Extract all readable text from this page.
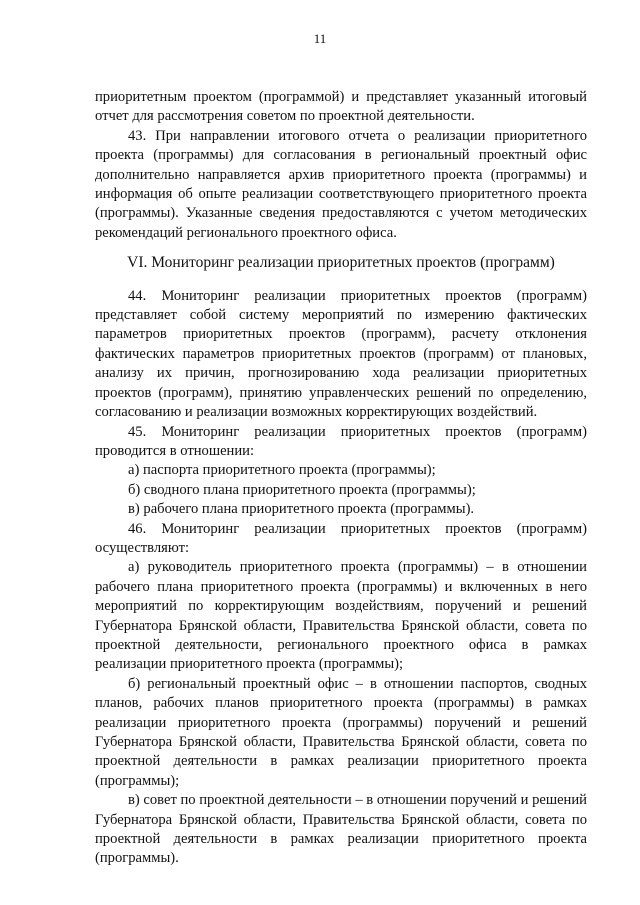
11

приоритетным проектом (программой) и представляет указанный итоговый отчет для рассмотрения советом по проектной деятельности.

43. При направлении итогового отчета о реализации приоритетного проекта (программы) для согласования в региональный проектный офис дополнительно направляется архив приоритетного проекта (программы) и информация об опыте реализации соответствующего приоритетного проекта (программы). Указанные сведения предоставляются с учетом методических рекомендаций регионального проектного офиса.

VI. Мониторинг реализации приоритетных проектов (программ)

44. Мониторинг реализации приоритетных проектов (программ) представляет собой систему мероприятий по измерению фактических параметров приоритетных проектов (программ), расчету отклонения фактических параметров приоритетных проектов (программ) от плановых, анализу их причин, прогнозированию хода реализации приоритетных проектов (программ), принятию управленческих решений по определению, согласованию и реализации возможных корректирующих воздействий.

45. Мониторинг реализации приоритетных проектов (программ) проводится в отношении:

а) паспорта приоритетного проекта (программы);

б) сводного плана приоритетного проекта (программы);

в) рабочего плана приоритетного проекта (программы).

46. Мониторинг реализации приоритетных проектов (программ) осуществляют:

а) руководитель приоритетного проекта (программы) – в отношении рабочего плана приоритетного проекта (программы) и включенных в него мероприятий по корректирующим воздействиям, поручений и решений Губернатора Брянской области, Правительства Брянской области, совета по проектной деятельности, регионального проектного офиса в рамках реализации приоритетного проекта (программы);

б) региональный проектный офис – в отношении паспортов, сводных планов, рабочих планов приоритетного проекта (программы) в рамках реализации приоритетного проекта (программы) поручений и решений Губернатора Брянской области, Правительства Брянской области, совета по проектной деятельности в рамках реализации приоритетного проекта (программы);

в) совет по проектной деятельности – в отношении поручений и решений Губернатора Брянской области, Правительства Брянской области, совета по проектной деятельности в рамках реализации приоритетного проекта (программы).
